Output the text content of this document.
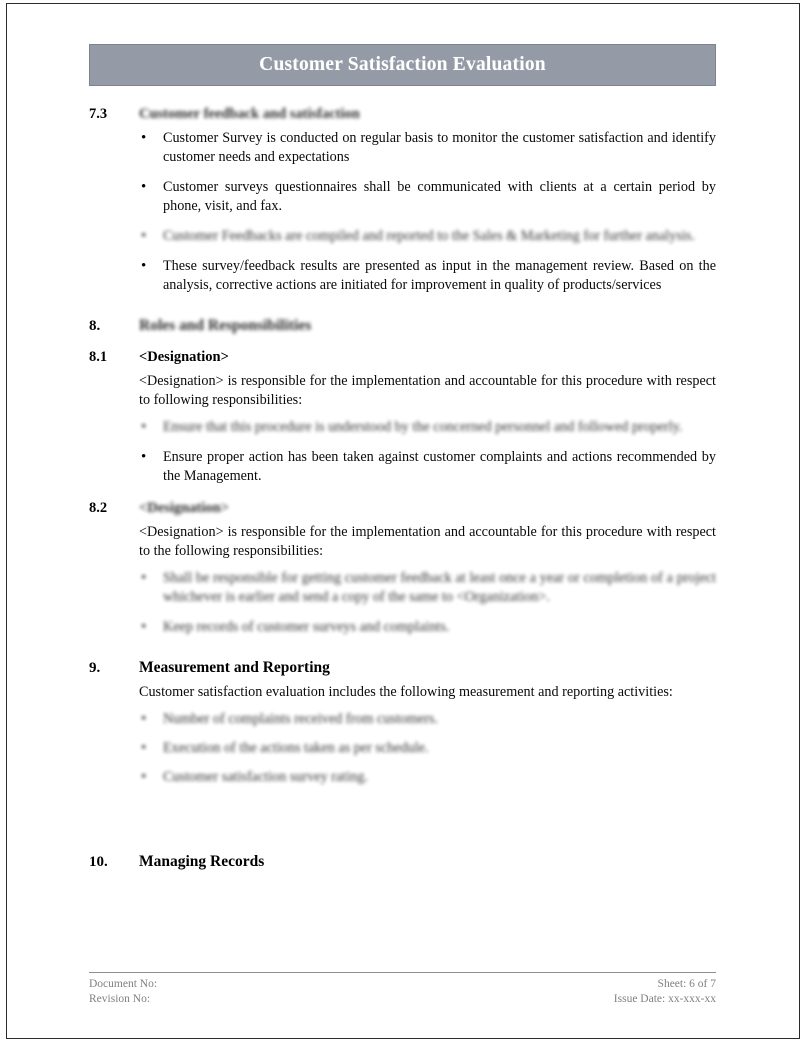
Customer Satisfaction Evaluation
7.3	Customer feedback and satisfaction
• Customer Survey is conducted on regular basis to monitor the customer satisfaction and identify customer needs and expectations
• Customer surveys questionnaires shall be communicated with clients at a certain period by phone, visit, and fax.
• Customer Feedbacks are compiled and reported to the Sales & Marketing for further analysis.
• These survey/feedback results are presented as input in the management review. Based on the analysis, corrective actions are initiated for improvement in quality of products/services
8.	Roles and Responsibilities
8.1	<Designation>

<Designation> is responsible for the implementation and accountable for this procedure with respect to following responsibilities:

• Ensure that this procedure is understood by the concerned personnel and followed properly.
• Ensure proper action has been taken against customer complaints and actions recommended by the Management.
8.2	<Designation>

<Designation> is responsible for the implementation and accountable for this procedure with respect to the following responsibilities:

• Shall be responsible for getting customer feedback at least once a year or completion of a project whichever is earlier and send a copy of the same to <Organization>.
• Keep records of customer surveys and complaints.
9.	Measurement and Reporting

Customer satisfaction evaluation includes the following measurement and reporting activities:

• Number of complaints received from customers.
• Execution of the actions taken as per schedule.
• Customer satisfaction survey rating.
10.	Managing Records
Document No:
Revision No:
Sheet: 6 of 7
Issue Date: xx-xxx-xx
